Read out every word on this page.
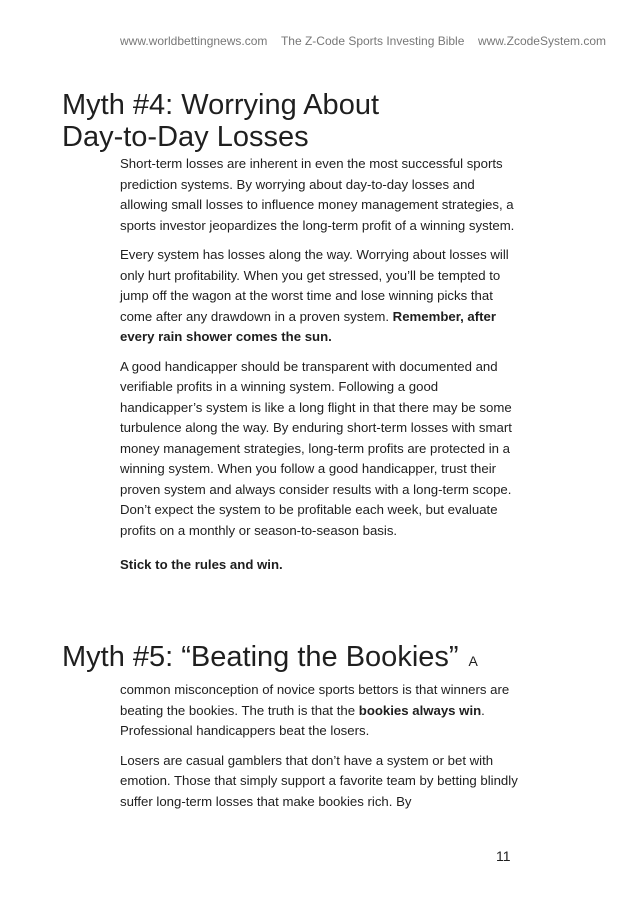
www.worldbettingnews.com The Z-Code Sports Investing Bible www.ZcodeSystem.com
Myth #4: Worrying About
Day-to-Day Losses

Short-term losses are inherent in even the most successful sports prediction systems. By worrying about day-to-day losses and allowing small losses to influence money management strategies, a sports investor jeopardizes the long-term profit of a winning system.

Every system has losses along the way. Worrying about losses will only hurt profitability. When you get stressed, you’ll be tempted to jump off the wagon at the worst time and lose winning picks that come after any drawdown in a proven system. Remember, after every rain shower comes the sun.

A good handicapper should be transparent with documented and verifiable profits in a winning system. Following a good handicapper’s system is like a long flight in that there may be some turbulence along the way. By enduring short-term losses with smart money management strategies, long-term profits are protected in a winning system. When you follow a good handicapper, trust their proven system and always consider results with a long-term scope. Don’t expect the system to be profitable each week, but evaluate profits on a monthly or season-to-season basis.

Stick to the rules and win.

Myth #5: “Beating the Bookies” A

common misconception of novice sports bettors is that winners are beating the bookies. The truth is that the bookies always win. Professional handicappers beat the losers.

Losers are casual gamblers that don’t have a system or bet with emotion. Those that simply support a favorite team by betting blindly suffer long-term losses that make bookies rich. By

11
